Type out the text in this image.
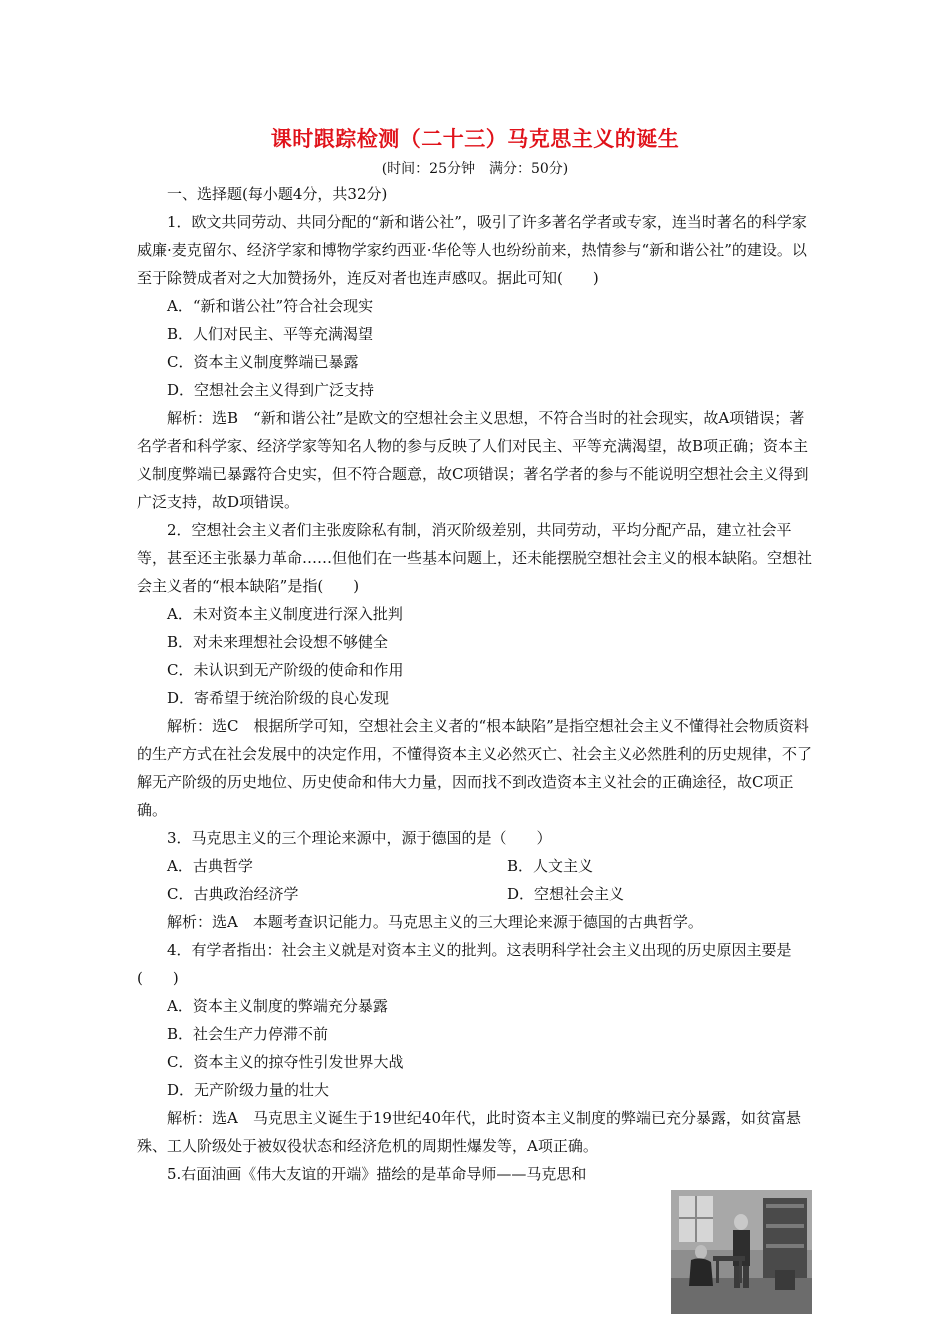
课时跟踪检测（二十三）马克思主义的诞生
(时间：25分钟　满分：50分)

一、选择题(每小题4分，共32分)

1．欧文共同劳动、共同分配的“新和谐公社”，吸引了许多著名学者或专家，连当时著名的科学家威廉·麦克留尔、经济学家和博物学家约西亚·华伦等人也纷纷前来，热情参与“新和谐公社”的建设。以至于除赞成者对之大加赞扬外，连反对者也连声感叹。据此可知(　　)

A．“新和谐公社”符合社会现实

B．人们对民主、平等充满渴望

C．资本主义制度弊端已暴露

D．空想社会主义得到广泛支持

解析：选B　“新和谐公社”是欧文的空想社会主义思想，不符合当时的社会现实，故A项错误；著名学者和科学家、经济学家等知名人物的参与反映了人们对民主、平等充满渴望，故B项正确；资本主义制度弊端已暴露符合史实，但不符合题意，故C项错误；著名学者的参与不能说明空想社会主义得到广泛支持，故D项错误。

2．空想社会主义者们主张废除私有制，消灭阶级差别，共同劳动，平均分配产品，建立社会平等，甚至还主张暴力革命……但他们在一些基本问题上，还未能摆脱空想社会主义的根本缺陷。空想社会主义者的“根本缺陷”是指(　　)

A．未对资本主义制度进行深入批判

B．对未来理想社会设想不够健全

C．未认识到无产阶级的使命和作用

D．寄希望于统治阶级的良心发现

解析：选C　根据所学可知，空想社会主义者的“根本缺陷”是指空想社会主义不懂得社会物质资料的生产方式在社会发展中的决定作用，不懂得资本主义必然灭亡、社会主义必然胜利的历史规律，不了解无产阶级的历史地位、历史使命和伟大力量，因而找不到改造资本主义社会的正确途径，故C项正确。

3．马克思主义的三个理论来源中，源于德国的是（　　）

A．古典哲学	B．人文主义

C．古典政治经济学	D．空想社会主义

解析：选A　本题考查识记能力。马克思主义的三大理论来源于德国的古典哲学。

4．有学者指出：社会主义就是对资本主义的批判。这表明科学社会主义出现的历史原因主要是(　　)

A．资本主义制度的弊端充分暴露

B．社会生产力停滞不前

C．资本主义的掠夺性引发世界大战

D．无产阶级力量的壮大

解析：选A　马克思主义诞生于19世纪40年代，此时资本主义制度的弊端已充分暴露，如贫富悬殊、工人阶级处于被奴役状态和经济危机的周期性爆发等，A项正确。

5.右面油画《伟大友谊的开端》描绘的是革命导师——马克思和
